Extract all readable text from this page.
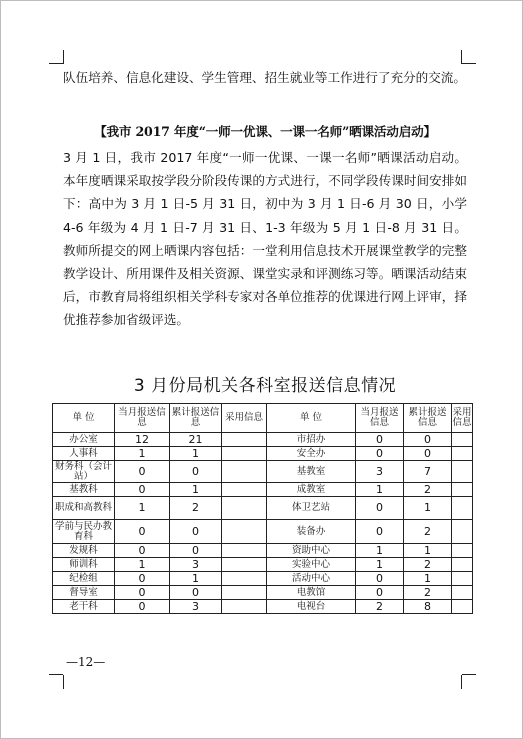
队伍培养、信息化建设、学生管理、招生就业等工作进行了充分的交流。
【我市 2017 年度“一师一优课、一课一名师”晒课活动启动】
3 月 1 日，我市 2017 年度“一师一优课、一课一名师”晒课活动启动。本年度晒课采取按学段分阶段传课的方式进行，不同学段传课时间安排如下：高中为 3 月 1 日-5 月 31 日，初中为 3 月 1 日-6 月 30 日，小学 4-6 年级为 4 月 1 日-7 月 31 日、1-3 年级为 5 月 1 日-8 月 31 日。教师所提交的网上晒课内容包括：一堂利用信息技术开展课堂教学的完整教学设计、所用课件及相关资源、课堂实录和评测练习等。晒课活动结束后，市教育局将组织相关学科专家对各单位推荐的优课进行网上评审，择优推荐参加省级评选。
3 月份局机关各科室报送信息情况
单 位	当月报送信息	累计报送信息	采用信息	单 位	当月报送信息	累计报送信息	采用信息
办公室	12	21		市招办	0	0	
人事科	1	1		安全办	0	0	
财务科（会计站）	0	0		基教室	3	7	
基教科	0	1		成教室	1	2	
职成和高教科	1	2		体卫艺站	0	1	
学前与民办教育科	0	0		装备办	0	2	
发规科	0	0		资助中心	1	1	
师训科	1	3		实验中心	1	2	
纪检组	0	1		活动中心	0	1	
督导室	0	0		电教馆	0	2	
老干科	0	3		电视台	2	8	
—12—
